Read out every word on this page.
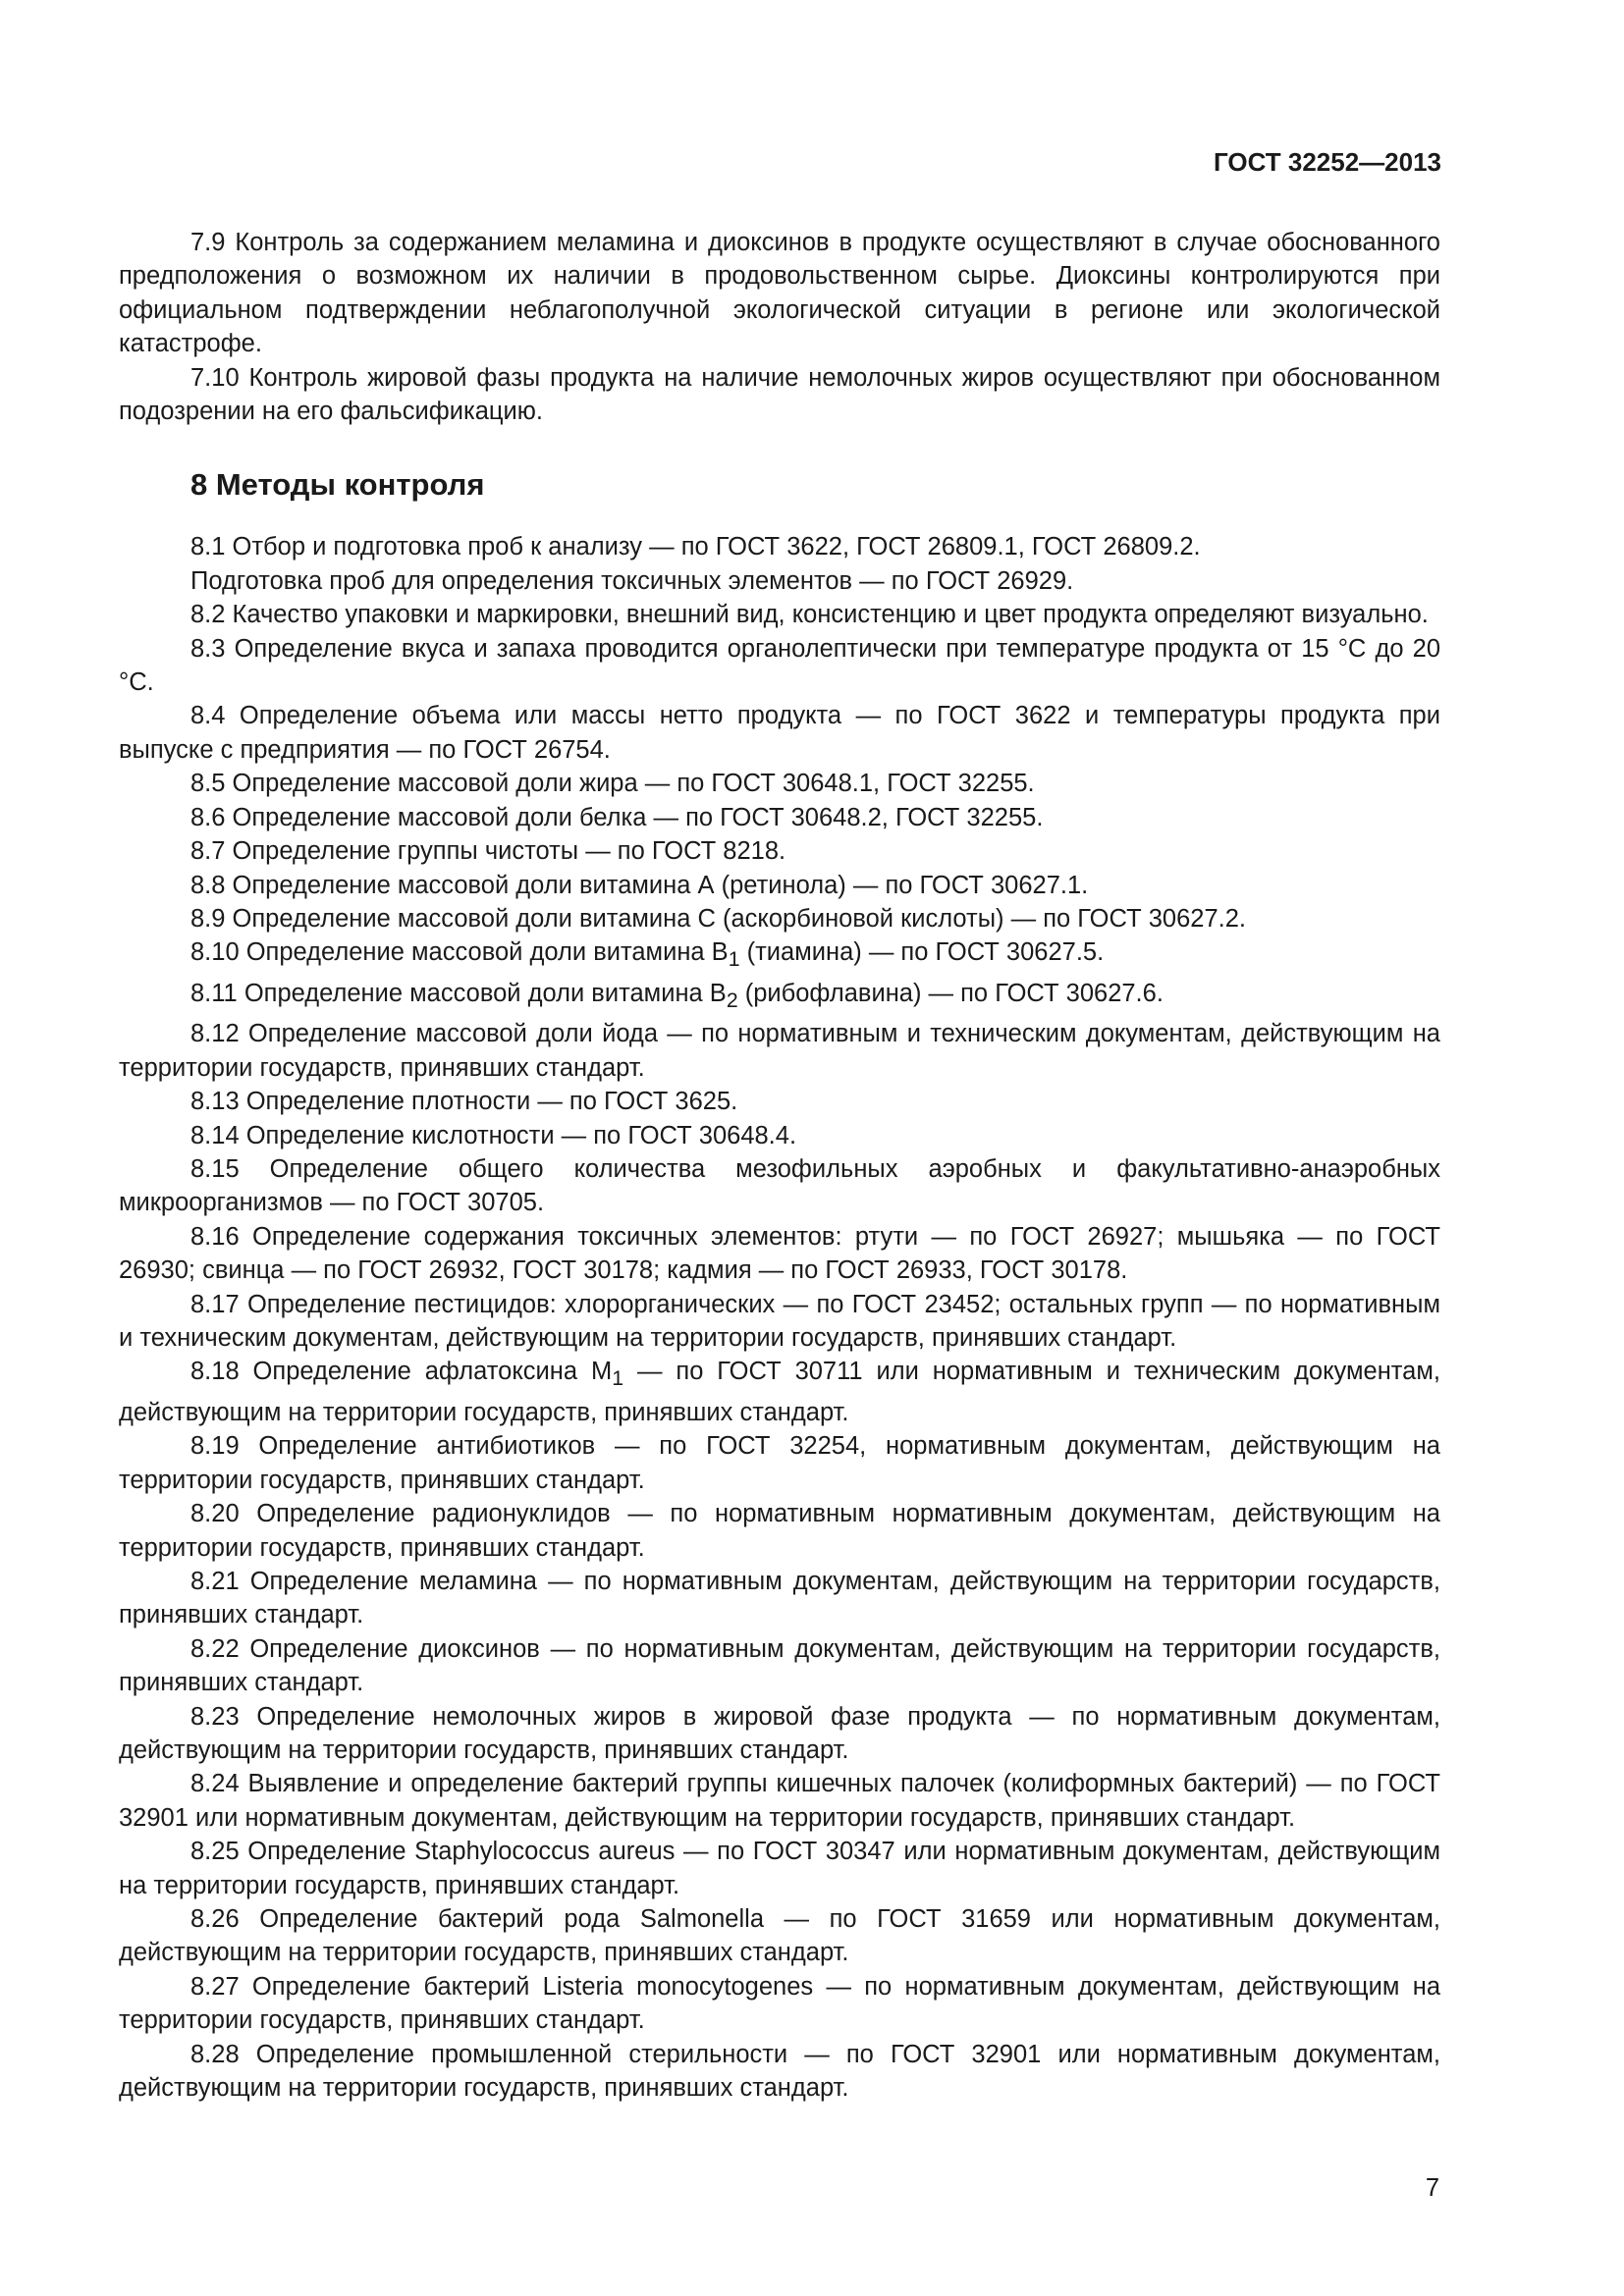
ГОСТ 32252—2013

7.9 Контроль за содержанием меламина и диоксинов в продукте осуществляют в случае обоснованного предположения о возможном их наличии в продовольственном сырье. Диоксины контролируются при официальном подтверждении неблагополучной экологической ситуации в регионе или экологической катастрофе.

7.10 Контроль жировой фазы продукта на наличие немолочных жиров осуществляют при обоснованном подозрении на его фальсификацию.

8 Методы контроля

8.1 Отбор и подготовка проб к анализу — по ГОСТ 3622, ГОСТ 26809.1, ГОСТ 26809.2.

Подготовка проб для определения токсичных элементов — по ГОСТ 26929.

8.2 Качество упаковки и маркировки, внешний вид, консистенцию и цвет продукта определяют визуально.

8.3 Определение вкуса и запаха проводится органолептически при температуре продукта от 15 °С до 20 °С.

8.4 Определение объема или массы нетто продукта — по ГОСТ 3622 и температуры продукта при выпуске с предприятия — по ГОСТ 26754.

8.5 Определение массовой доли жира — по ГОСТ 30648.1, ГОСТ 32255.

8.6 Определение массовой доли белка — по ГОСТ 30648.2, ГОСТ 32255.

8.7 Определение группы чистоты — по ГОСТ 8218.

8.8 Определение массовой доли витамина А (ретинола) — по ГОСТ 30627.1.

8.9 Определение массовой доли витамина С (аскорбиновой кислоты) — по ГОСТ 30627.2.

8.10 Определение массовой доли витамина $B_1$ (тиамина) — по ГОСТ 30627.5.

8.11 Определение массовой доли витамина $B_2$ (рибофлавина) — по ГОСТ 30627.6.

8.12 Определение массовой доли йода — по нормативным и техническим документам, действующим на территории государств, принявших стандарт.

8.13 Определение плотности — по ГОСТ 3625.

8.14 Определение кислотности — по ГОСТ 30648.4.

8.15 Определение общего количества мезофильных аэробных и факультативно-анаэробных микроорганизмов — по ГОСТ 30705.

8.16 Определение содержания токсичных элементов: ртути — по ГОСТ 26927; мышьяка — по ГОСТ 26930; свинца — по ГОСТ 26932, ГОСТ 30178; кадмия — по ГОСТ 26933, ГОСТ 30178.

8.17 Определение пестицидов: хлорорганических — по ГОСТ 23452; остальных групп — по нормативным и техническим документам, действующим на территории государств, принявших стандарт.

8.18 Определение афлатоксина $M_1$ — по ГОСТ 30711 или нормативным и техническим документам, действующим на территории государств, принявших стандарт.

8.19 Определение антибиотиков — по ГОСТ 32254, нормативным документам, действующим на территории государств, принявших стандарт.

8.20 Определение радионуклидов — по нормативным нормативным документам, действующим на территории государств, принявших стандарт.

8.21 Определение меламина — по нормативным документам, действующим на территории государств, принявших стандарт.

8.22 Определение диоксинов — по нормативным документам, действующим на территории государств, принявших стандарт.

8.23 Определение немолочных жиров в жировой фазе продукта — по нормативным документам, действующим на территории государств, принявших стандарт.

8.24 Выявление и определение бактерий группы кишечных палочек (колиформных бактерий) — по ГОСТ 32901 или нормативным документам, действующим на территории государств, принявших стандарт.

8.25 Определение Staphylococcus aureus — по ГОСТ 30347 или нормативным документам, действующим на территории государств, принявших стандарт.

8.26 Определение бактерий рода Salmonella — по ГОСТ 31659 или нормативным документам, действующим на территории государств, принявших стандарт.

8.27 Определение бактерий Listeria monocytogenes — по нормативным документам, действующим на территории государств, принявших стандарт.

8.28 Определение промышленной стерильности — по ГОСТ 32901 или нормативным документам, действующим на территории государств, принявших стандарт.

7
